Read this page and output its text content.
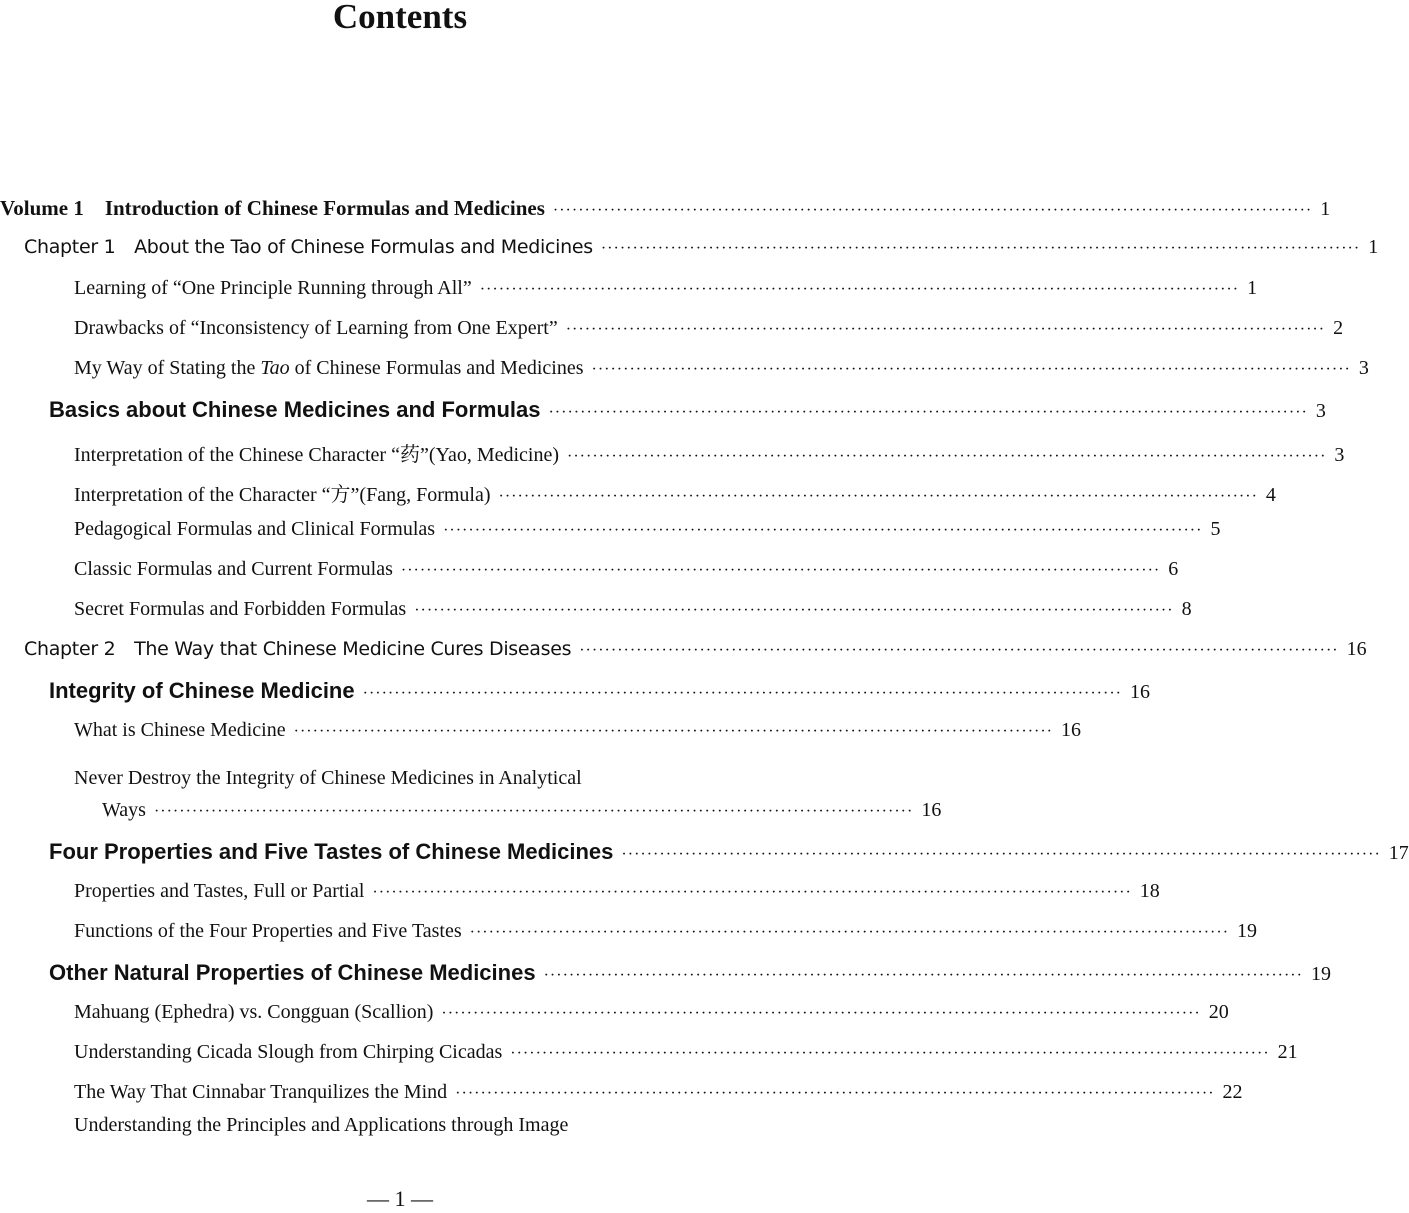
Contents
Volume 1 Introduction of Chinese Formulas and Medicines ························································································································ 1
Chapter 1 About the Tao of Chinese Formulas and Medicines ························································································································ 1
Learning of “One Principle Running through All” ························································································································ 1
Drawbacks of “Inconsistency of Learning from One Expert” ························································································································ 2
My Way of Stating the Tao of Chinese Formulas and Medicines ························································································································ 3
Basics about Chinese Medicines and Formulas ························································································································ 3
Interpretation of the Chinese Character “药”(Yao, Medicine) ························································································································ 3
Interpretation of the Character “方”(Fang, Formula) ························································································································ 4
Pedagogical Formulas and Clinical Formulas ························································································································ 5
Classic Formulas and Current Formulas ························································································································ 6
Secret Formulas and Forbidden Formulas ························································································································ 8
Chapter 2 The Way that Chinese Medicine Cures Diseases ························································································································ 16
Integrity of Chinese Medicine ························································································································ 16
What is Chinese Medicine ························································································································ 16
Never Destroy the Integrity of Chinese Medicines in Analytical
Ways ························································································································ 16
Four Properties and Five Tastes of Chinese Medicines ························································································································ 17
Properties and Tastes, Full or Partial ························································································································ 18
Functions of the Four Properties and Five Tastes ························································································································ 19
Other Natural Properties of Chinese Medicines ························································································································ 19
Mahuang (Ephedra) vs. Congguan (Scallion) ························································································································ 20
Understanding Cicada Slough from Chirping Cicadas ························································································································ 21
The Way That Cinnabar Tranquilizes the Mind ························································································································ 22
Understanding the Principles and Applications through Image
— 1 —
